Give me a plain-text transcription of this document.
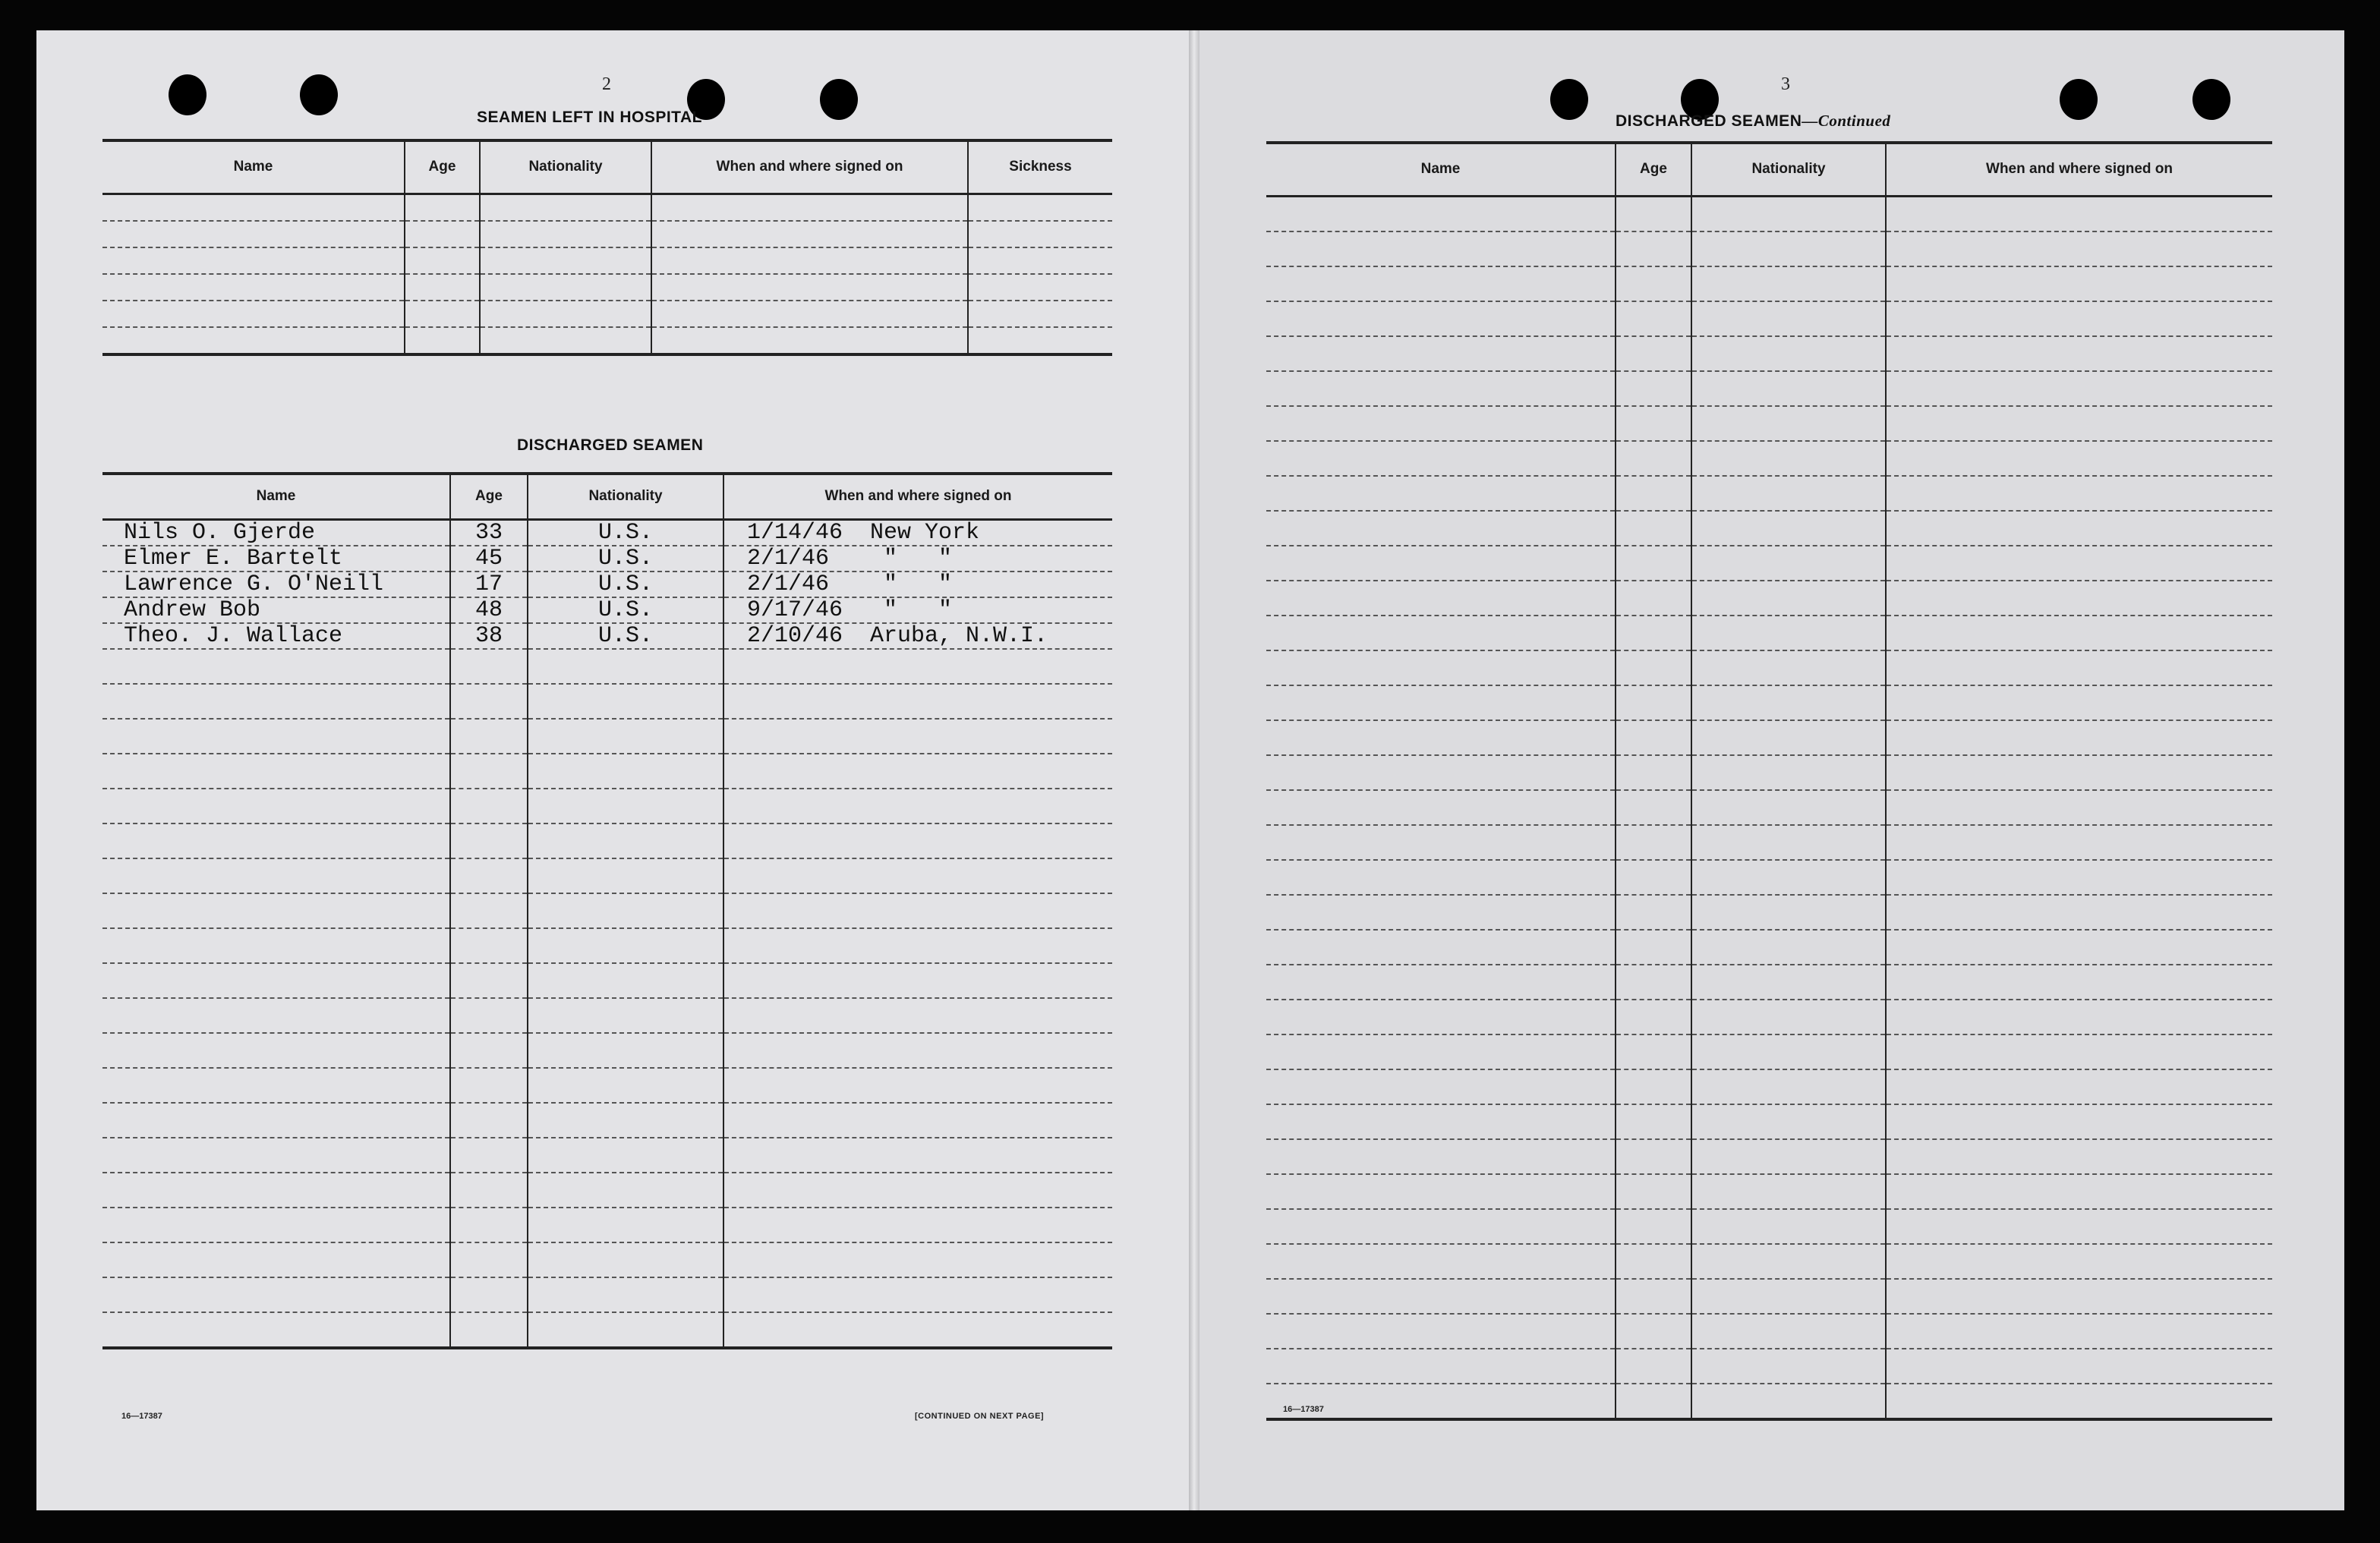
2
SEAMEN LEFT IN HOSPITAL
Name	Age	Nationality	When and where signed on	Sickness

DISCHARGED SEAMEN
Name	Age	Nationality	When and where signed on
Nils O. Gjerde	33	U.S.	1/14/46  New York
Elmer E. Bartelt	45	U.S.	2/1/46    "   "
Lawrence G. O'Neill	17	U.S.	2/1/46    "   "
Andrew Bob	48	U.S.	9/17/46   "   "
Theo. J. Wallace	38	U.S.	2/10/46  Aruba, N.W.I.

16—17387	[CONTINUED ON NEXT PAGE]
3
DISCHARGED SEAMEN—Continued
Name	Age	Nationality	When and where signed on

16—17387
